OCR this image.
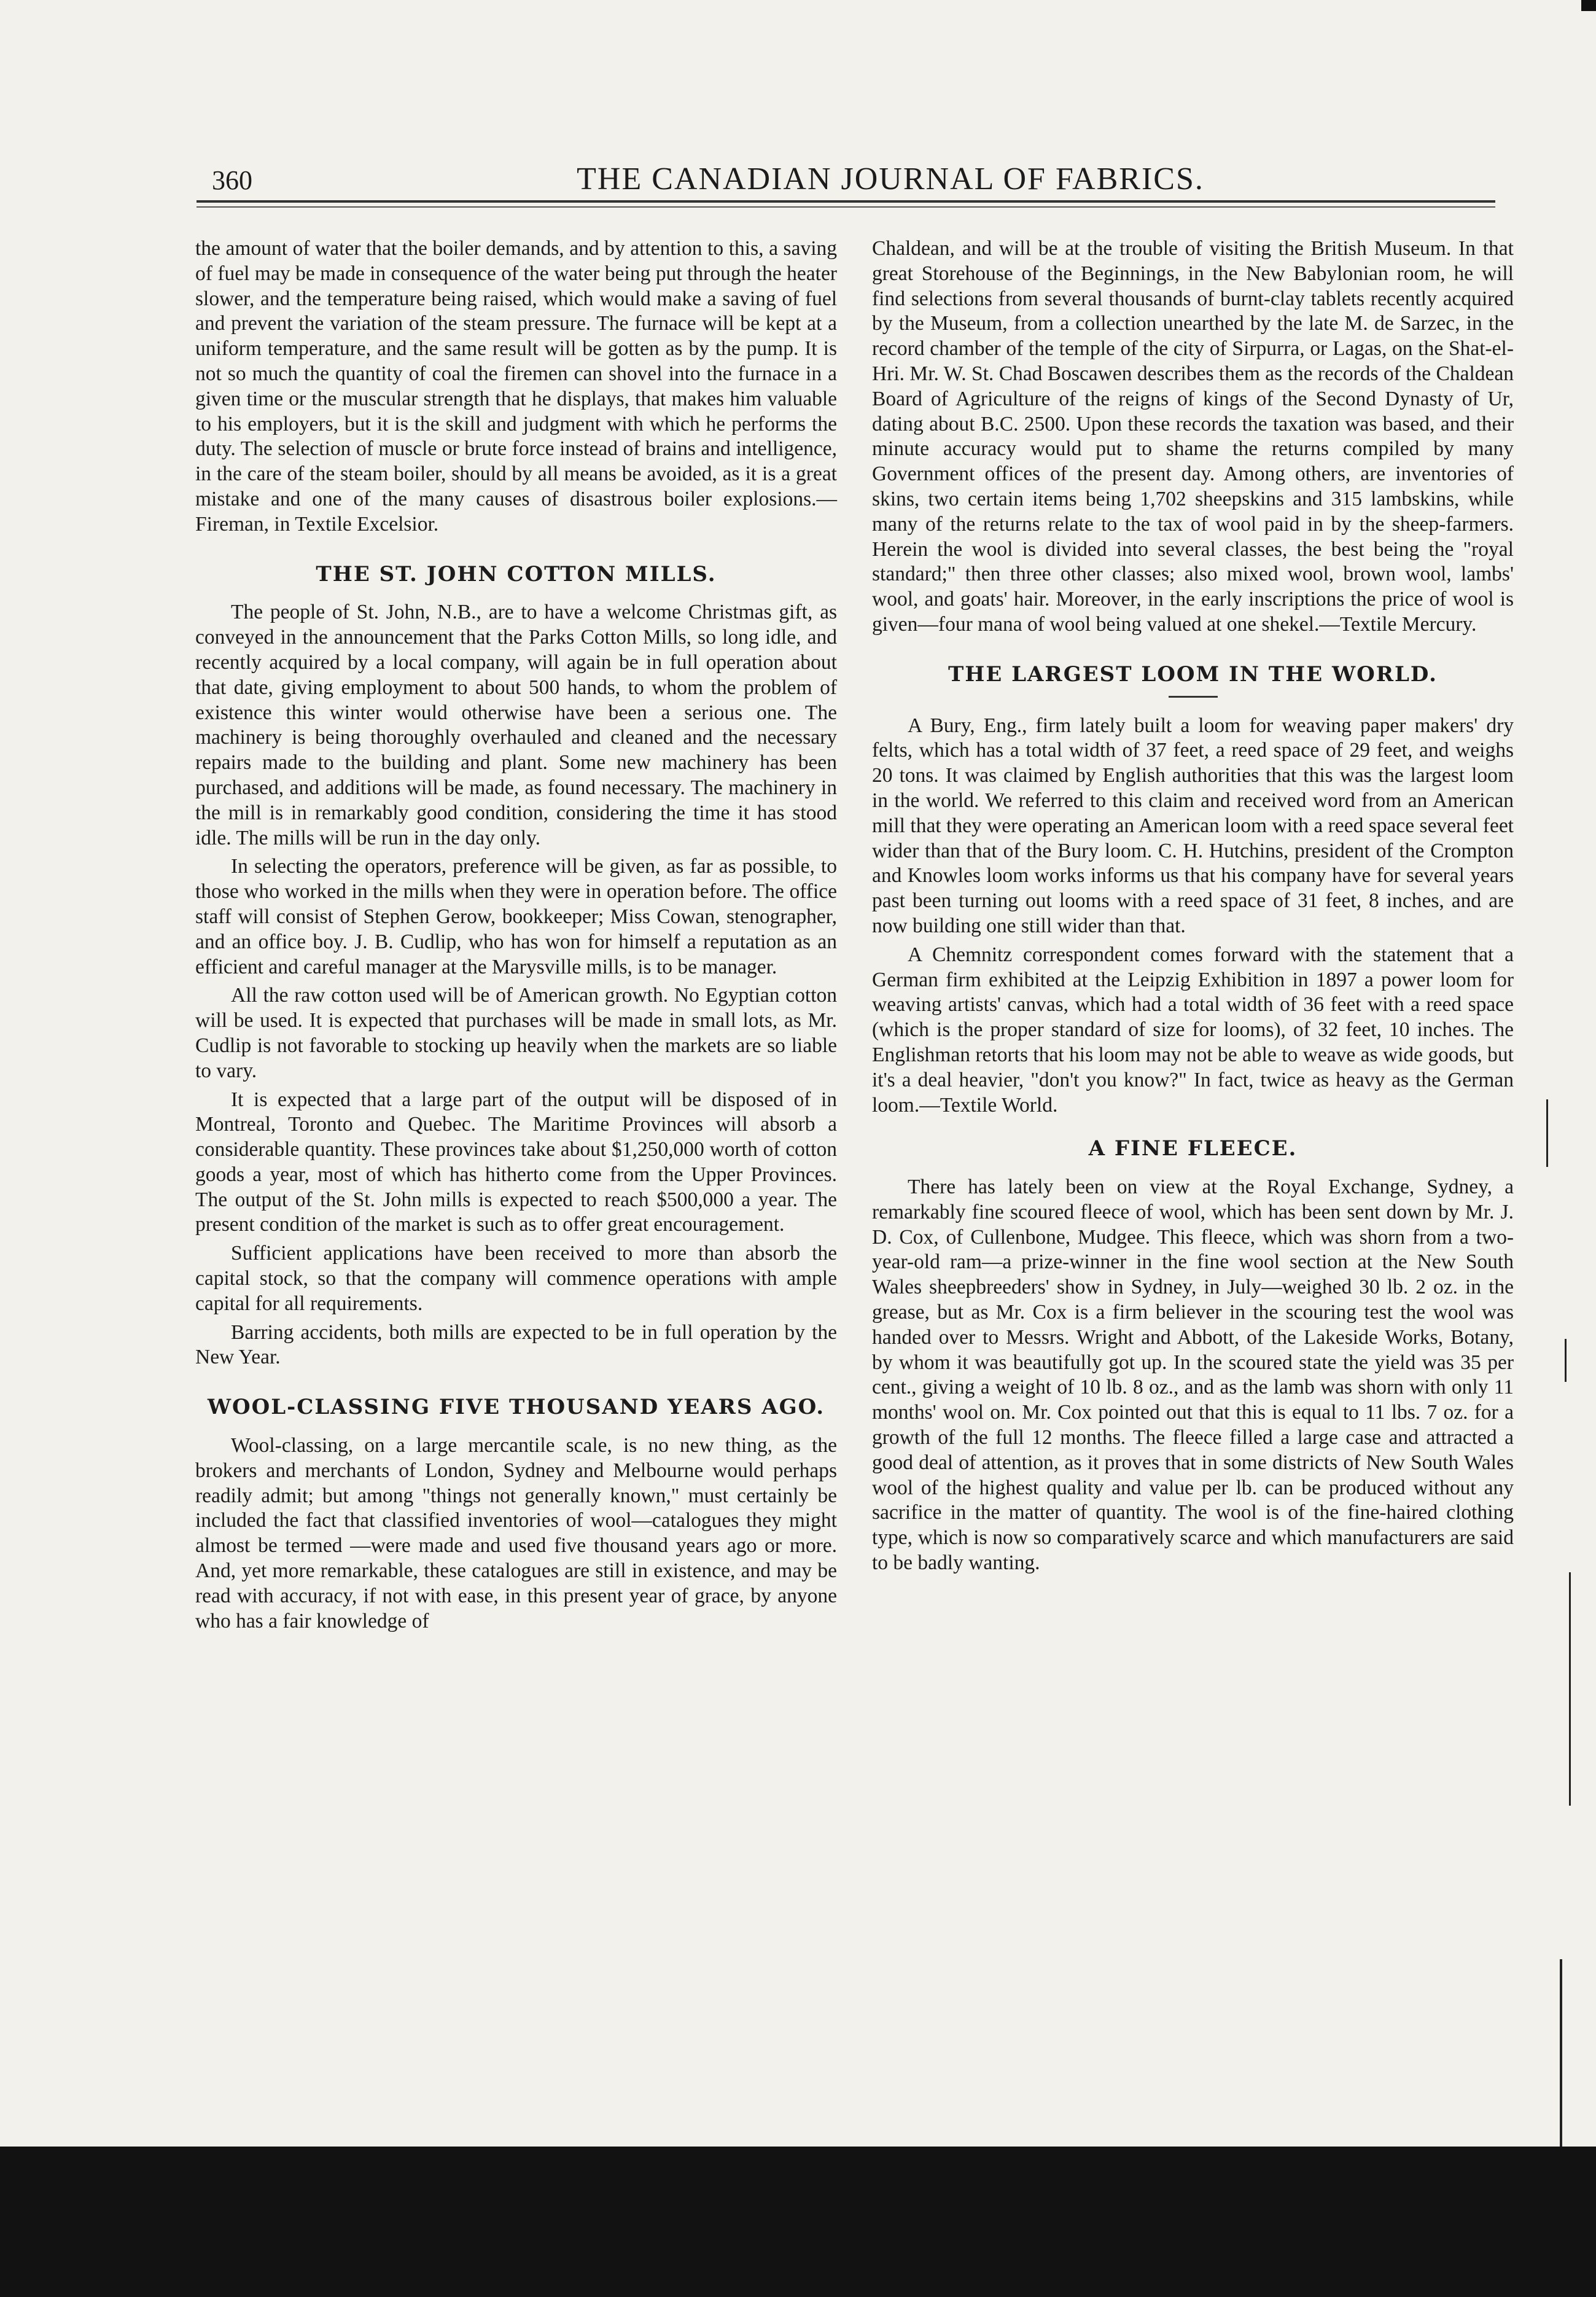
360	THE CANADIAN JOURNAL OF FABRICS.

the amount of water that the boiler demands, and by attention to this, a saving of fuel may be made in consequence of the water being put through the heater slower, and the temperature being raised, which would make a saving of fuel and prevent the variation of the steam pressure. The furnace will be kept at a uniform temperature, and the same result will be gotten as by the pump. It is not so much the quantity of coal the firemen can shovel into the furnace in a given time or the muscular strength that he displays, that makes him valuable to his employers, but it is the skill and judgment with which he performs the duty. The selection of muscle or brute force instead of brains and intelligence, in the care of the steam boiler, should by all means be avoided, as it is a great mistake and one of the many causes of disastrous boiler explosions.—Fireman, in Textile Excelsior.

THE ST. JOHN COTTON MILLS.

The people of St. John, N.B., are to have a welcome Christmas gift, as conveyed in the announcement that the Parks Cotton Mills, so long idle, and recently acquired by a local company, will again be in full operation about that date, giving employment to about 500 hands, to whom the problem of existence this winter would otherwise have been a serious one. The machinery is being thoroughly overhauled and cleaned and the necessary repairs made to the building and plant. Some new machinery has been purchased, and additions will be made, as found necessary. The machinery in the mill is in remarkably good condition, considering the time it has stood idle. The mills will be run in the day only.

In selecting the operators, preference will be given, as far as possible, to those who worked in the mills when they were in operation before. The office staff will consist of Stephen Gerow, bookkeeper; Miss Cowan, stenographer, and an office boy. J. B. Cudlip, who has won for himself a reputation as an efficient and careful manager at the Marysville mills, is to be manager.

All the raw cotton used will be of American growth. No Egyptian cotton will be used. It is expected that purchases will be made in small lots, as Mr. Cudlip is not favorable to stocking up heavily when the markets are so liable to vary.

It is expected that a large part of the output will be disposed of in Montreal, Toronto and Quebec. The Maritime Provinces will absorb a considerable quantity. These provinces take about $1,250,000 worth of cotton goods a year, most of which has hitherto come from the Upper Provinces. The output of the St. John mills is expected to reach $500,000 a year. The present condition of the market is such as to offer great encouragement.

Sufficient applications have been received to more than absorb the capital stock, so that the company will commence operations with ample capital for all requirements.

Barring accidents, both mills are expected to be in full operation by the New Year.

WOOL-CLASSING FIVE THOUSAND YEARS AGO.

Wool-classing, on a large mercantile scale, is no new thing, as the brokers and merchants of London, Sydney and Melbourne would perhaps readily admit; but among "things not generally known," must certainly be included the fact that classified inventories of wool—catalogues they might almost be termed —were made and used five thousand years ago or more. And, yet more remarkable, these catalogues are still in existence, and may be read with accuracy, if not with ease, in this present year of grace, by anyone who has a fair knowledge of

Chaldean, and will be at the trouble of visiting the British Museum. In that great Storehouse of the Beginnings, in the New Babylonian room, he will find selections from several thousands of burnt-clay tablets recently acquired by the Museum, from a collection unearthed by the late M. de Sarzec, in the record chamber of the temple of the city of Sirpurra, or Lagas, on the Shat-el-Hri. Mr. W. St. Chad Boscawen describes them as the records of the Chaldean Board of Agriculture of the reigns of kings of the Second Dynasty of Ur, dating about B.C. 2500. Upon these records the taxation was based, and their minute accuracy would put to shame the returns compiled by many Government offices of the present day. Among others, are inventories of skins, two certain items being 1,702 sheepskins and 315 lambskins, while many of the returns relate to the tax of wool paid in by the sheep-farmers. Herein the wool is divided into several classes, the best being the "royal standard;" then three other classes; also mixed wool, brown wool, lambs' wool, and goats' hair. Moreover, in the early inscriptions the price of wool is given—four mana of wool being valued at one shekel.—Textile Mercury.

THE LARGEST LOOM IN THE WORLD.

A Bury, Eng., firm lately built a loom for weaving paper makers' dry felts, which has a total width of 37 feet, a reed space of 29 feet, and weighs 20 tons. It was claimed by English authorities that this was the largest loom in the world. We referred to this claim and received word from an American mill that they were operating an American loom with a reed space several feet wider than that of the Bury loom. C. H. Hutchins, president of the Crompton and Knowles loom works informs us that his company have for several years past been turning out looms with a reed space of 31 feet, 8 inches, and are now building one still wider than that.

A Chemnitz correspondent comes forward with the statement that a German firm exhibited at the Leipzig Exhibition in 1897 a power loom for weaving artists' canvas, which had a total width of 36 feet with a reed space (which is the proper standard of size for looms), of 32 feet, 10 inches. The Englishman retorts that his loom may not be able to weave as wide goods, but it's a deal heavier, "don't you know?" In fact, twice as heavy as the German loom.—Textile World.

A FINE FLEECE.

There has lately been on view at the Royal Exchange, Sydney, a remarkably fine scoured fleece of wool, which has been sent down by Mr. J. D. Cox, of Cullenbone, Mudgee. This fleece, which was shorn from a two-year-old ram—a prize-winner in the fine wool section at the New South Wales sheepbreeders' show in Sydney, in July—weighed 30 lb. 2 oz. in the grease, but as Mr. Cox is a firm believer in the scouring test the wool was handed over to Messrs. Wright and Abbott, of the Lakeside Works, Botany, by whom it was beautifully got up. In the scoured state the yield was 35 per cent., giving a weight of 10 lb. 8 oz., and as the lamb was shorn with only 11 months' wool on. Mr. Cox pointed out that this is equal to 11 lbs. 7 oz. for a growth of the full 12 months. The fleece filled a large case and attracted a good deal of attention, as it proves that in some districts of New South Wales wool of the highest quality and value per lb. can be produced without any sacrifice in the matter of quantity. The wool is of the fine-haired clothing type, which is now so comparatively scarce and which manufacturers are said to be badly wanting.
